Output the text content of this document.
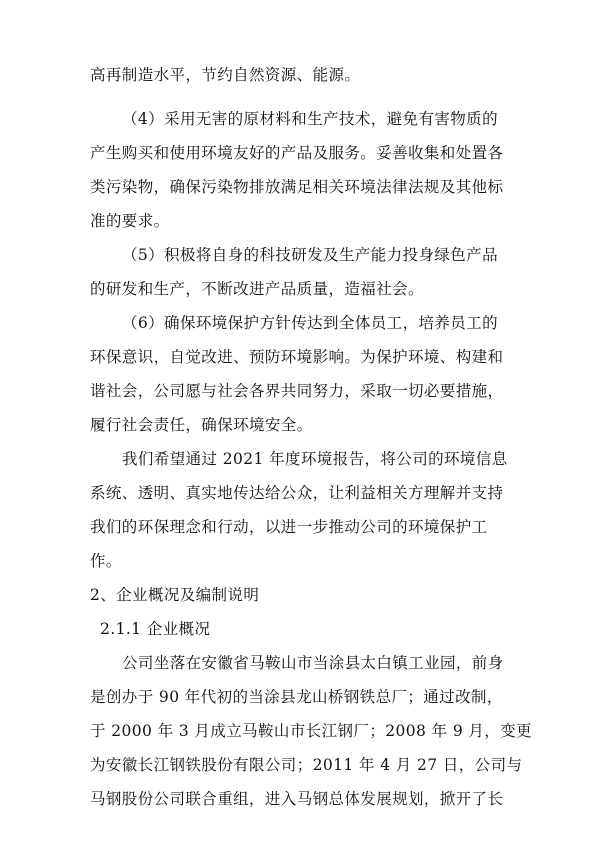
高再制造水平，节约自然资源、能源。
（4）采用无害的原材料和生产技术，避免有害物质的
产生购买和使用环境友好的产品及服务。妥善收集和处置各
类污染物，确保污染物排放满足相关环境法律法规及其他标
准的要求。
（5）积极将自身的科技研发及生产能力投身绿色产品
的研发和生产，不断改进产品质量，造福社会。
（6）确保环境保护方针传达到全体员工，培养员工的
环保意识，自觉改进、预防环境影响。为保护环境、构建和
谐社会，公司愿与社会各界共同努力，采取一切必要措施，
履行社会责任，确保环境安全。
我们希望通过 2021 年度环境报告，将公司的环境信息
系统、透明、真实地传达给公众，让利益相关方理解并支持
我们的环保理念和行动，以进一步推动公司的环境保护工
作。
2、企业概况及编制说明
2.1.1 企业概况
公司坐落在安徽省马鞍山市当涂县太白镇工业园，前身
是创办于 90 年代初的当涂县龙山桥钢铁总厂；通过改制，
于 2000 年 3 月成立马鞍山市长江钢厂；2008 年 9 月，变更
为安徽长江钢铁股份有限公司；2011 年 4 月 27 日，公司与
马钢股份公司联合重组，进入马钢总体发展规划，掀开了长
